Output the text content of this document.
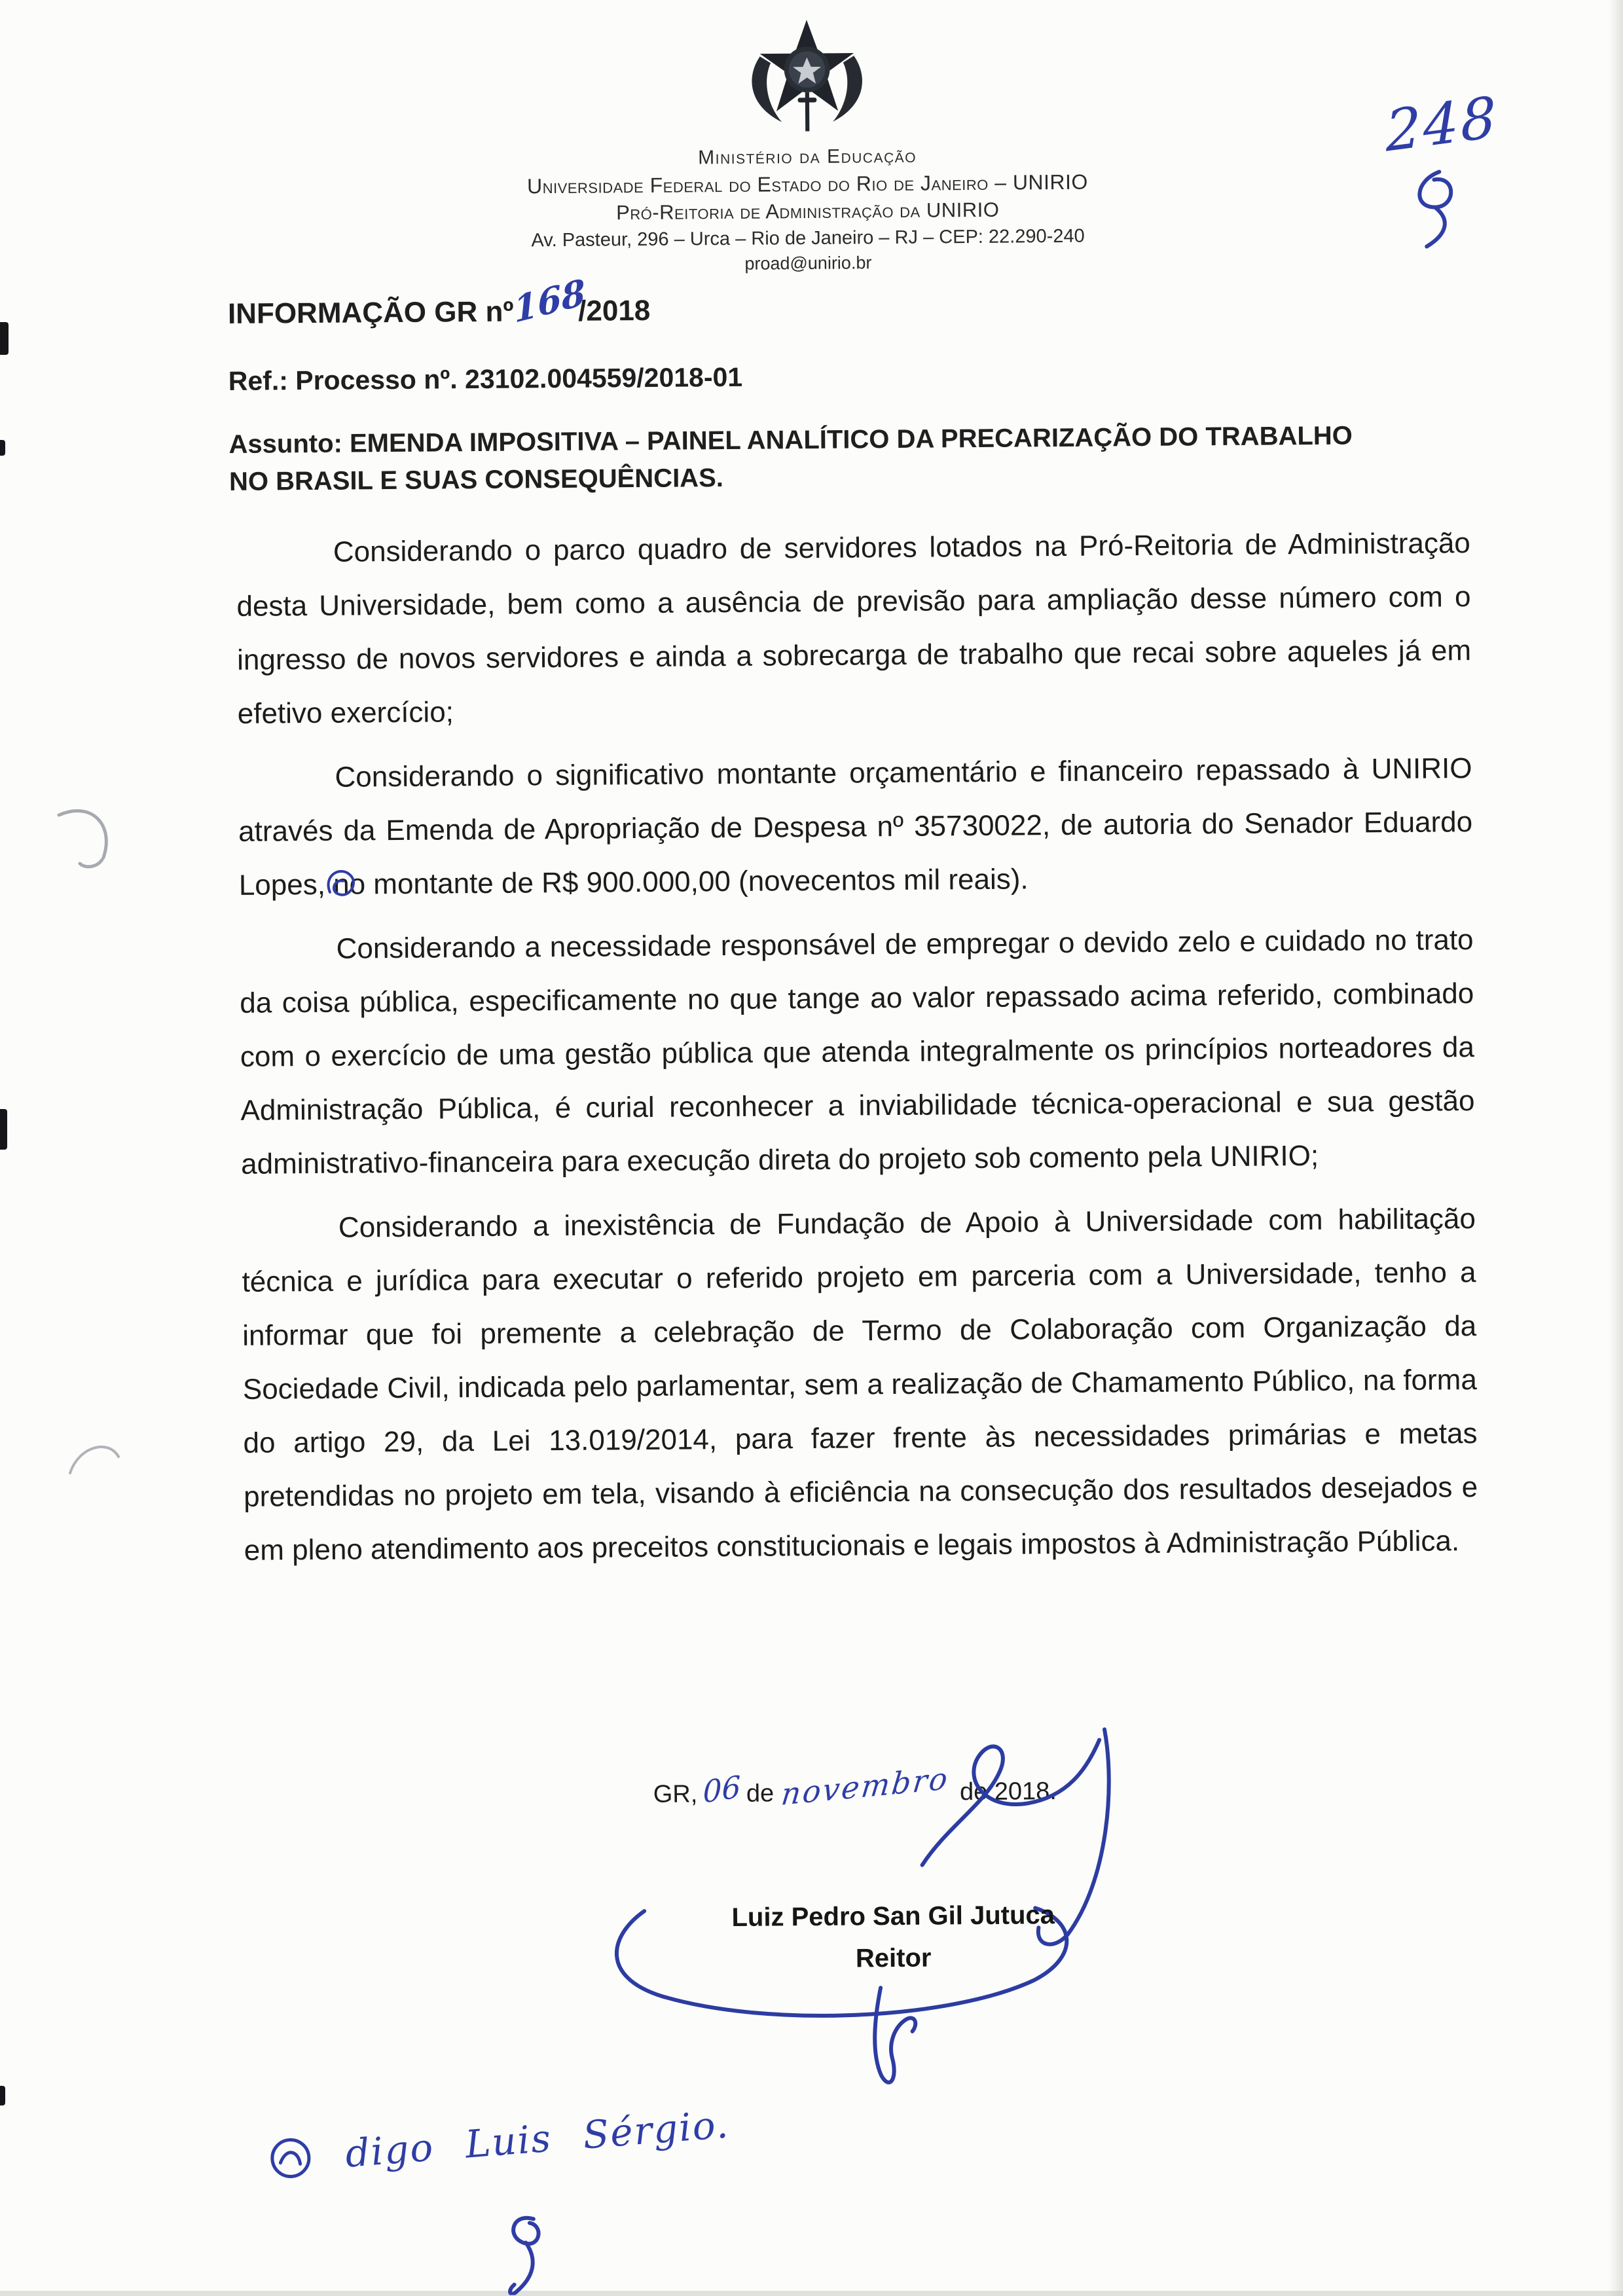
Ministério da Educação
Universidade Federal do Estado do Rio de Janeiro – UNIRIO
Pró-Reitoria de Administração da UNIRIO
Av. Pasteur, 296 – Urca – Rio de Janeiro – RJ – CEP: 22.290-240
proad@unirio.br
248
INFORMAÇÃO GR nº168/2018
Ref.: Processo nº. 23102.004559/2018-01
Assunto: EMENDA IMPOSITIVA – PAINEL ANALÍTICO DA PRECARIZAÇÃO DO TRABALHO NO BRASIL E SUAS CONSEQUÊNCIAS.

Considerando o parco quadro de servidores lotados na Pró-Reitoria de Administração desta Universidade, bem como a ausência de previsão para ampliação desse número com o ingresso de novos servidores e ainda a sobrecarga de trabalho que recai sobre aqueles já em efetivo exercício;

Considerando o significativo montante orçamentário e financeiro repassado à UNIRIO através da Emenda de Apropriação de Despesa nº 35730022, de autoria do Senador Eduardo Lopes, no montante de R$ 900.000,00 (novecentos mil reais).

Considerando a necessidade responsável de empregar o devido zelo e cuidado no trato da coisa pública, especificamente no que tange ao valor repassado acima referido, combinado com o exercício de uma gestão pública que atenda integralmente os princípios norteadores da Administração Pública, é curial reconhecer a inviabilidade técnica-operacional e sua gestão administrativo-financeira para execução direta do projeto sob comento pela UNIRIO;

Considerando a inexistência de Fundação de Apoio à Universidade com habilitação técnica e jurídica para executar o referido projeto em parceria com a Universidade, tenho a informar que foi premente a celebração de Termo de Colaboração com Organização da Sociedade Civil, indicada pelo parlamentar, sem a realização de Chamamento Público, na forma do artigo 29, da Lei 13.019/2014, para fazer frente às necessidades primárias e metas pretendidas no projeto em tela, visando à eficiência na consecução dos resultados desejados e em pleno atendimento aos preceitos constitucionais e legais impostos à Administração Pública.

GR, 06 de novembro de 2018.
Luiz Pedro San Gil Jutuca
Reitor
digo Luis Sérgio.
